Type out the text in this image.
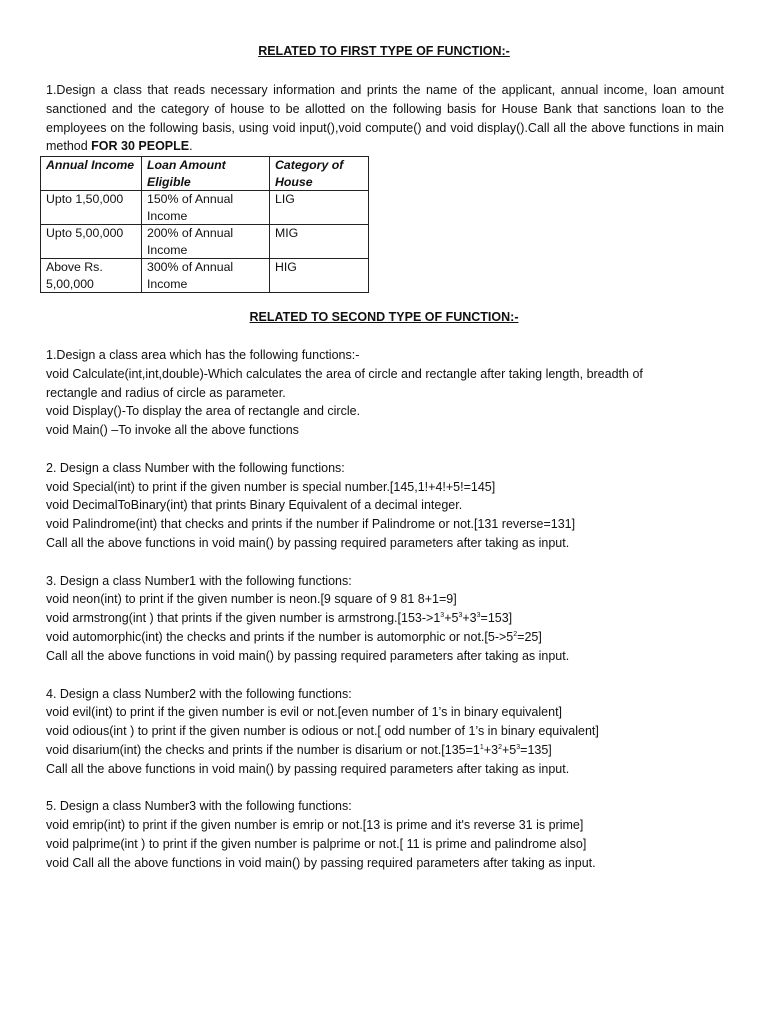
RELATED TO FIRST TYPE OF FUNCTION:-
1.Design a class that reads necessary information and prints the name of the applicant, annual income, loan amount sanctioned and the category of house to be allotted on the following basis for House Bank that sanctions loan to the employees on the following basis, using void input(),void compute() and void display().Call all the above functions in main method FOR 30 PEOPLE.
Annual Income	Loan Amount Eligible	Category of House
Upto 1,50,000	150% of Annual Income	LIG
Upto 5,00,000	200% of Annual Income	MIG
Above Rs. 5,00,000	300% of Annual Income	HIG
RELATED TO SECOND TYPE OF FUNCTION:-
1.Design a class area which has the following functions:-
void Calculate(int,int,double)-Which calculates the area of circle and rectangle after taking length, breadth of
rectangle and radius of circle as parameter.
void Display()-To display the area of rectangle and circle.
void Main() –To invoke all the above functions
2. Design a class Number with the following functions:
void Special(int) to print if the given number is special number.[145,1!+4!+5!=145]
void DecimalToBinary(int) that prints Binary Equivalent of a decimal integer.
void Palindrome(int) that checks and prints if the number if Palindrome or not.[131 reverse=131]
Call all the above functions in void main() by passing required parameters after taking as input.
3. Design a class Number1 with the following functions:
void neon(int) to print if the given number is neon.[9 square of 9 81 8+1=9]
void armstrong(int ) that prints if the given number is $armstrong.[153->1^3+5^3+3^3=153]$
void automorphic(int) the checks and prints if the number is automorphic or $not.[5->5^2=25]$
Call all the above functions in void main() by passing required parameters after taking as input.
4. Design a class Number2 with the following functions:
void evil(int) to print if the given number is evil or not.[even number of 1’s in binary equivalent]
void odious(int ) to print if the given number is odious or not.[ odd number of 1’s in binary equivalent]
void disarium(int) the checks and prints if the number is disarium or $not.[135=1^1+3^2+5^3=135]$
Call all the above functions in void main() by passing required parameters after taking as input.
5. Design a class Number3 with the following functions:
void emrip(int) to print if the given number is emrip or not.[13 is prime and it's reverse 31 is prime]
void palprime(int ) to print if the given number is palprime or not.[ 11 is prime and palindrome also]
void Call all the above functions in void main() by passing required parameters after taking as input.
